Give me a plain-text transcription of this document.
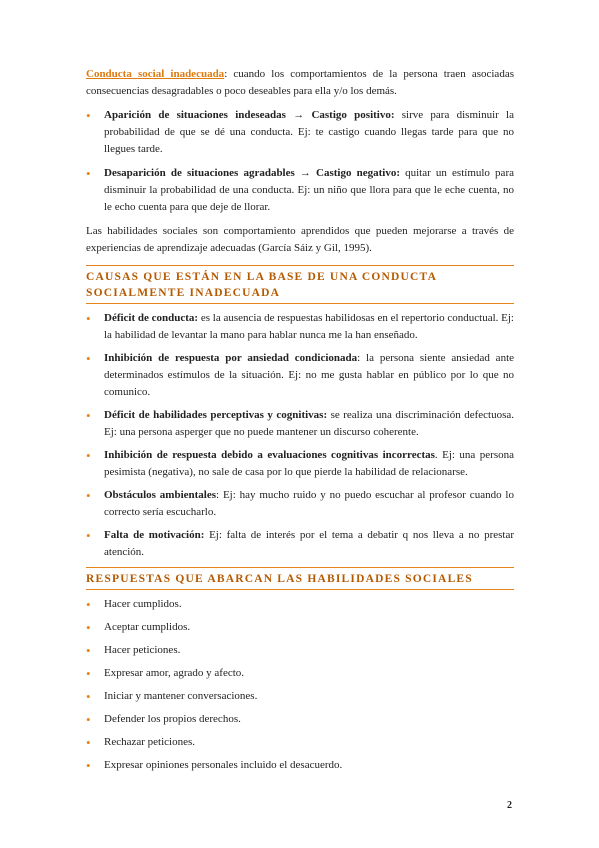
Conducta social inadecuada: cuando los comportamientos de la persona traen asociadas consecuencias desagradables o poco deseables para ella y/o los demás.

• Aparición de situaciones indeseadas → Castigo positivo: sirve para disminuir la probabilidad de que se dé una conducta. Ej: te castigo cuando llegas tarde para que no llegues tarde.
• Desaparición de situaciones agradables → Castigo negativo: quitar un estímulo para disminuir la probabilidad de una conducta. Ej: un niño que llora para que le eche cuenta, no le echo cuenta para que deje de llorar.

Las habilidades sociales son comportamiento aprendidos que pueden mejorarse a través de experiencias de aprendizaje adecuadas (García Sáiz y Gil, 1995).

CAUSAS QUE ESTÁN EN LA BASE DE UNA CONDUCTA SOCIALMENTE INADECUADA
• Déficit de conducta: es la ausencia de respuestas habilidosas en el repertorio conductual. Ej: la habilidad de levantar la mano para hablar nunca me la han enseñado.
• Inhibición de respuesta por ansiedad condicionada: la persona siente ansiedad ante determinados estímulos de la situación. Ej: no me gusta hablar en público por lo que no comunico.
• Déficit de habilidades perceptivas y cognitivas: se realiza una discriminación defectuosa. Ej: una persona asperger que no puede mantener un discurso coherente.
• Inhibición de respuesta debido a evaluaciones cognitivas incorrectas. Ej: una persona pesimista (negativa), no sale de casa por lo que pierde la habilidad de relacionarse.
• Obstáculos ambientales: Ej: hay mucho ruido y no puedo escuchar al profesor cuando lo correcto sería escucharlo.
• Falta de motivación: Ej: falta de interés por el tema a debatir q nos lleva a no prestar atención.
RESPUESTAS QUE ABARCAN LAS HABILIDADES SOCIALES
• Hacer cumplidos.
• Aceptar cumplidos.
• Hacer peticiones.
• Expresar amor, agrado y afecto.
• Iniciar y mantener conversaciones.
• Defender los propios derechos.
• Rechazar peticiones.
• Expresar opiniones personales incluido el desacuerdo.
2
